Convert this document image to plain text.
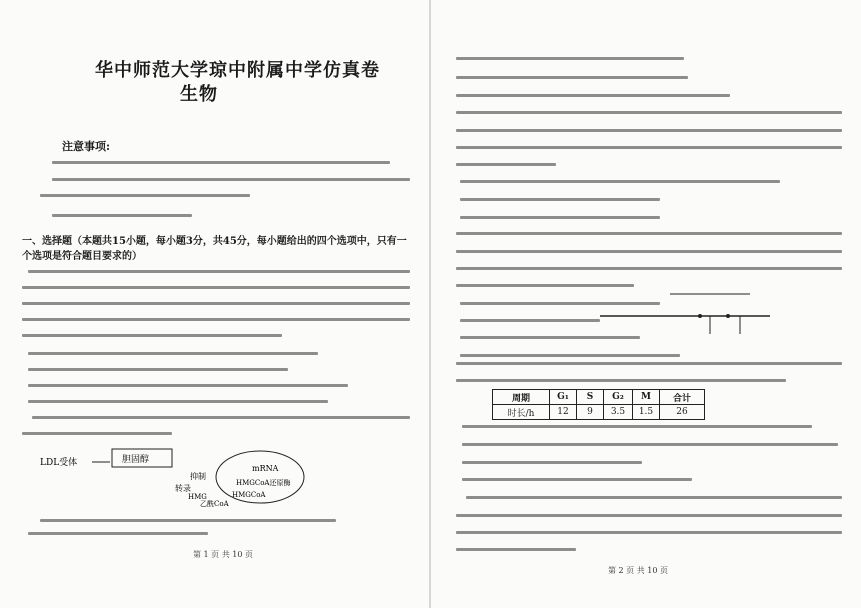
华中师范大学琼中附属中学仿真卷
生物
注意事项:
一、选择题（本题共15小题，每小题3分，共45分，每小题给出的四个选项中，只有一个选项是符合题目要求的）
LDL受体	胆固醇
mRNA
抑制
转录
HMGCoA还原酶
HMG	HMGCoA
乙酰CoA
第 1 页 共 10 页
周期	G₁	S	G₂	M	合计
时长/h	12	9	3.5	1.5	26
第 2 页 共 10 页
